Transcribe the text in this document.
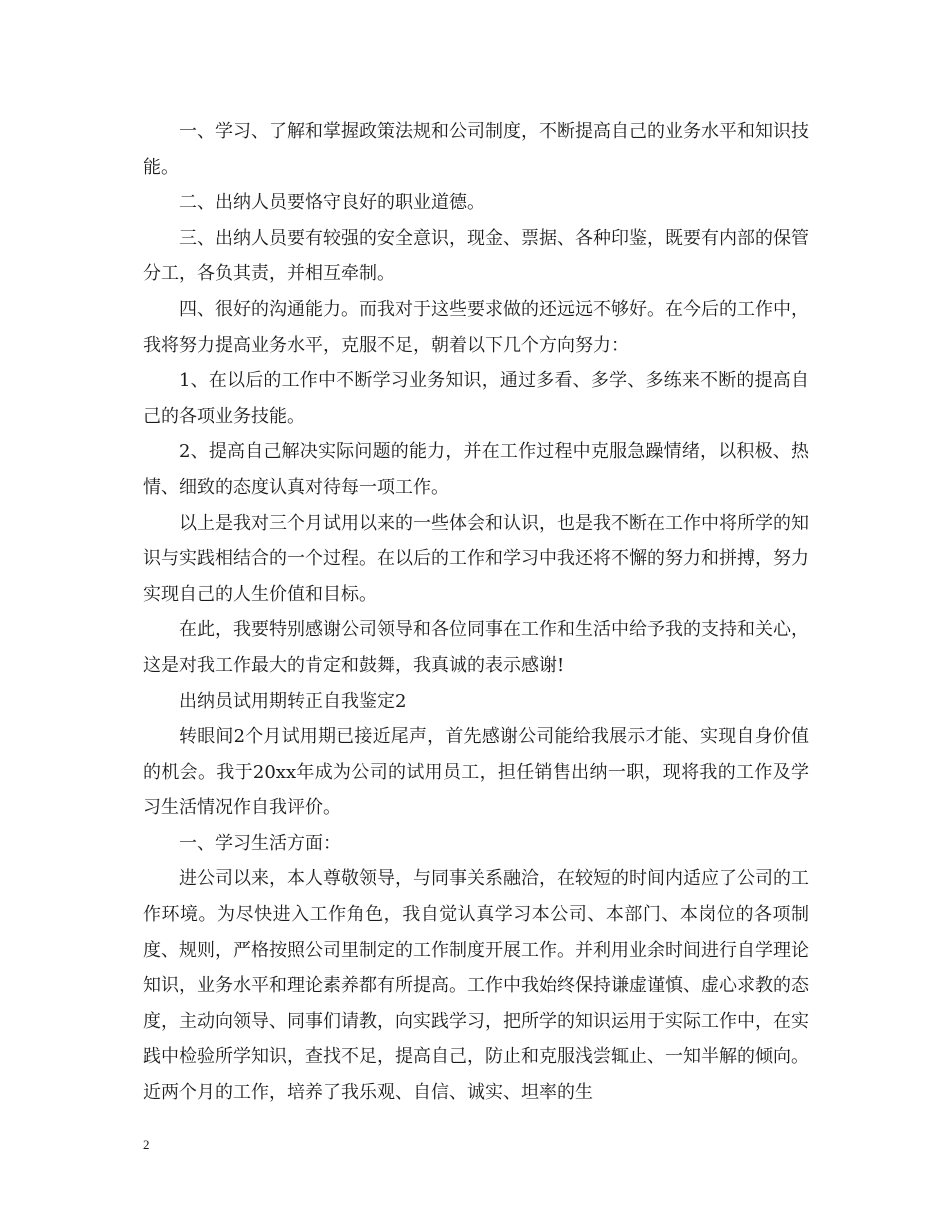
一、学习、了解和掌握政策法规和公司制度，不断提高自己的业务水平和知识技能。

二、出纳人员要恪守良好的职业道德。

三、出纳人员要有较强的安全意识，现金、票据、各种印鉴，既要有内部的保管分工，各负其责，并相互牵制。

四、很好的沟通能力。而我对于这些要求做的还远远不够好。在今后的工作中，我将努力提高业务水平，克服不足，朝着以下几个方向努力：

1、在以后的工作中不断学习业务知识，通过多看、多学、多练来不断的提高自己的各项业务技能。

2、提高自己解决实际问题的能力，并在工作过程中克服急躁情绪，以积极、热情、细致的态度认真对待每一项工作。

以上是我对三个月试用以来的一些体会和认识，也是我不断在工作中将所学的知识与实践相结合的一个过程。在以后的工作和学习中我还将不懈的努力和拼搏，努力实现自己的人生价值和目标。

在此，我要特别感谢公司领导和各位同事在工作和生活中给予我的支持和关心，这是对我工作最大的肯定和鼓舞，我真诚的表示感谢!

出纳员试用期转正自我鉴定2

转眼间2个月试用期已接近尾声，首先感谢公司能给我展示才能、实现自身价值的机会。我于20xx年成为公司的试用员工，担任销售出纳一职，现将我的工作及学习生活情况作自我评价。

一、学习生活方面：

进公司以来，本人尊敬领导，与同事关系融洽，在较短的时间内适应了公司的工作环境。为尽快进入工作角色，我自觉认真学习本公司、本部门、本岗位的各项制度、规则，严格按照公司里制定的工作制度开展工作。并利用业余时间进行自学理论知识，业务水平和理论素养都有所提高。工作中我始终保持谦虚谨慎、虚心求教的态度，主动向领导、同事们请教，向实践学习，把所学的知识运用于实际工作中，在实践中检验所学知识，查找不足，提高自己，防止和克服浅尝辄止、一知半解的倾向。近两个月的工作，培养了我乐观、自信、诚实、坦率的生

2
